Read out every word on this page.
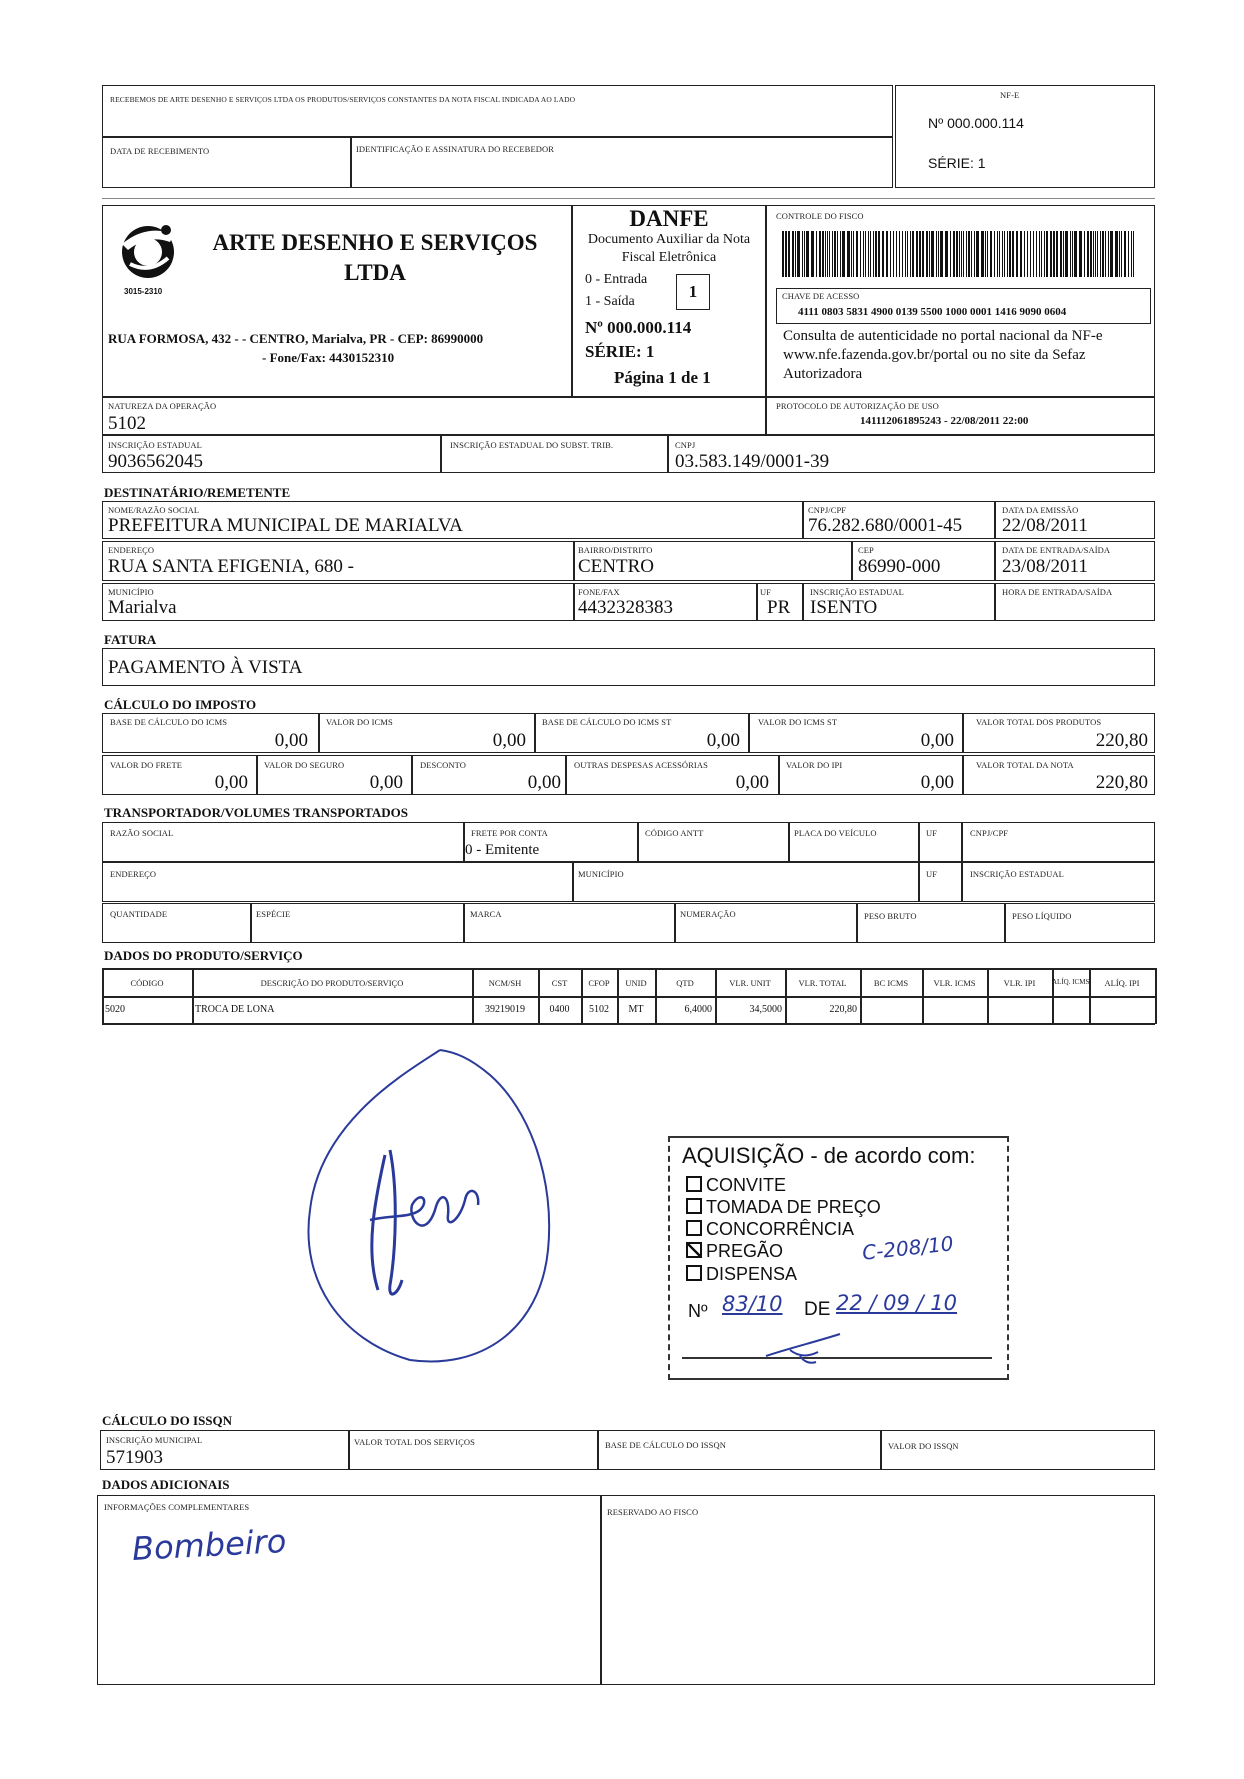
RECEBEMOS DE ARTE DESENHO E SERVIÇOS LTDA OS PRODUTOS/SERVIÇOS CONSTANTES DA NOTA FISCAL INDICADA AO LADO
DATA DE RECEBIMENTO	IDENTIFICAÇÃO E ASSINATURA DO RECEBEDOR
NF-E
Nº 000.000.114
SÉRIE: 1
3015-2310
ARTE DESENHO E SERVIÇOS LTDA
RUA FORMOSA, 432 - - CENTRO, Marialva, PR - CEP: 86990000
- Fone/Fax: 4430152310
DANFE
Documento Auxiliar da Nota
Fiscal Eletrônica
0 - Entrada
1 - Saída
1
Nº 000.000.114
SÉRIE: 1
Página 1 de 1
CONTROLE DO FISCO
CHAVE DE ACESSO
4111 0803 5831 4900 0139 5500 1000 0001 1416 9090 0604
Consulta de autenticidade no portal nacional da NF-e www.nfe.fazenda.gov.br/portal ou no site da Sefaz Autorizadora
NATUREZA DA OPERAÇÃO
5102
PROTOCOLO DE AUTORIZAÇÃO DE USO
141112061895243 - 22/08/2011 22:00
INSCRIÇÃO ESTADUAL
9036562045
INSCRIÇÃO ESTADUAL DO SUBST. TRIB.	CNPJ
03.583.149/0001-39
DESTINATÁRIO/REMETENTE
NOME/RAZÃO SOCIAL
PREFEITURA MUNICIPAL DE MARIALVA
CNPJ/CPF
76.282.680/0001-45
DATA DA EMISSÃO
22/08/2011
ENDEREÇO
RUA SANTA EFIGENIA, 680 -
BAIRRO/DISTRITO
CENTRO
CEP
86990-000
DATA DE ENTRADA/SAÍDA
23/08/2011
MUNICÍPIO
Marialva
FONE/FAX
4432328383
UF
PR
INSCRIÇÃO ESTADUAL
ISENTO
HORA DE ENTRADA/SAÍDA
FATURA
PAGAMENTO À VISTA
CÁLCULO DO IMPOSTO
BASE DE CÁLCULO DO ICMS
0,00
VALOR DO ICMS
0,00
BASE DE CÁLCULO DO ICMS ST
0,00
VALOR DO ICMS ST
0,00
VALOR TOTAL DOS PRODUTOS
220,80
VALOR DO FRETE
0,00
VALOR DO SEGURO
0,00
DESCONTO
0,00
OUTRAS DESPESAS ACESSÓRIAS
0,00
VALOR DO IPI
0,00
VALOR TOTAL DA NOTA
220,80
TRANSPORTADOR/VOLUMES TRANSPORTADOS
RAZÃO SOCIAL	FRETE POR CONTA
0 - Emitente
CÓDIGO ANTT	PLACA DO VEÍCULO	UF	CNPJ/CPF
ENDEREÇO	MUNICÍPIO	UF	INSCRIÇÃO ESTADUAL
QUANTIDADE	ESPÉCIE	MARCA	NUMERAÇÃO	PESO BRUTO	PESO LÍQUIDO
DADOS DO PRODUTO/SERVIÇO
CÓDIGO	DESCRIÇÃO DO PRODUTO/SERVIÇO	NCM/SH	CST	CFOP	UNID	QTD	VLR. UNIT	VLR. TOTAL	BC ICMS	VLR. ICMS	VLR. IPI	ALÍQ. ICMS	ALÍQ. IPI
5020	TROCA DE LONA	39219019	0400	5102	MT	6,4000	34,5000	220,80
AQUISIÇÃO - de acordo com:
CONVITE
TOMADA DE PREÇO
CONCORRÊNCIA
PREGÃO	C-208/10
DISPENSA
Nº 83/10 DE 22 / 09 / 10
CÁLCULO DO ISSQN
INSCRIÇÃO MUNICIPAL
571903
VALOR TOTAL DOS SERVIÇOS	BASE DE CÁLCULO DO ISSQN	VALOR DO ISSQN
DADOS ADICIONAIS
INFORMAÇÕES COMPLEMENTARES
Bombeiro
RESERVADO AO FISCO
